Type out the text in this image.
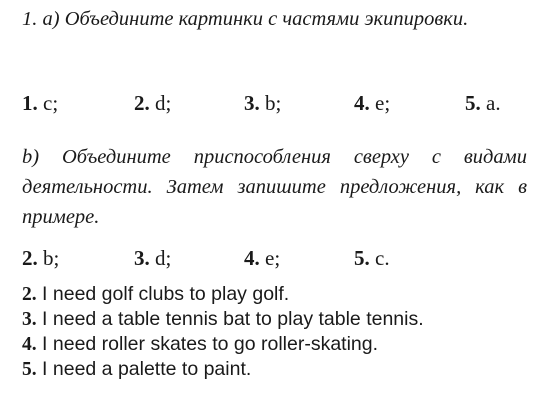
1. a) Объедините картинки с частями экипировки.
1. c;	2. d;	3. b;	4. e;	5. a.
b) Объедините приспособления сверху с видами деятельности. Затем запишите предложения, как в примере.
2. b;	3. d;	4. e;	5. c.
2. I need golf clubs to play golf.
3. I need a table tennis bat to play table tennis.
4. I need roller skates to go roller-skating.
5. I need a palette to paint.
